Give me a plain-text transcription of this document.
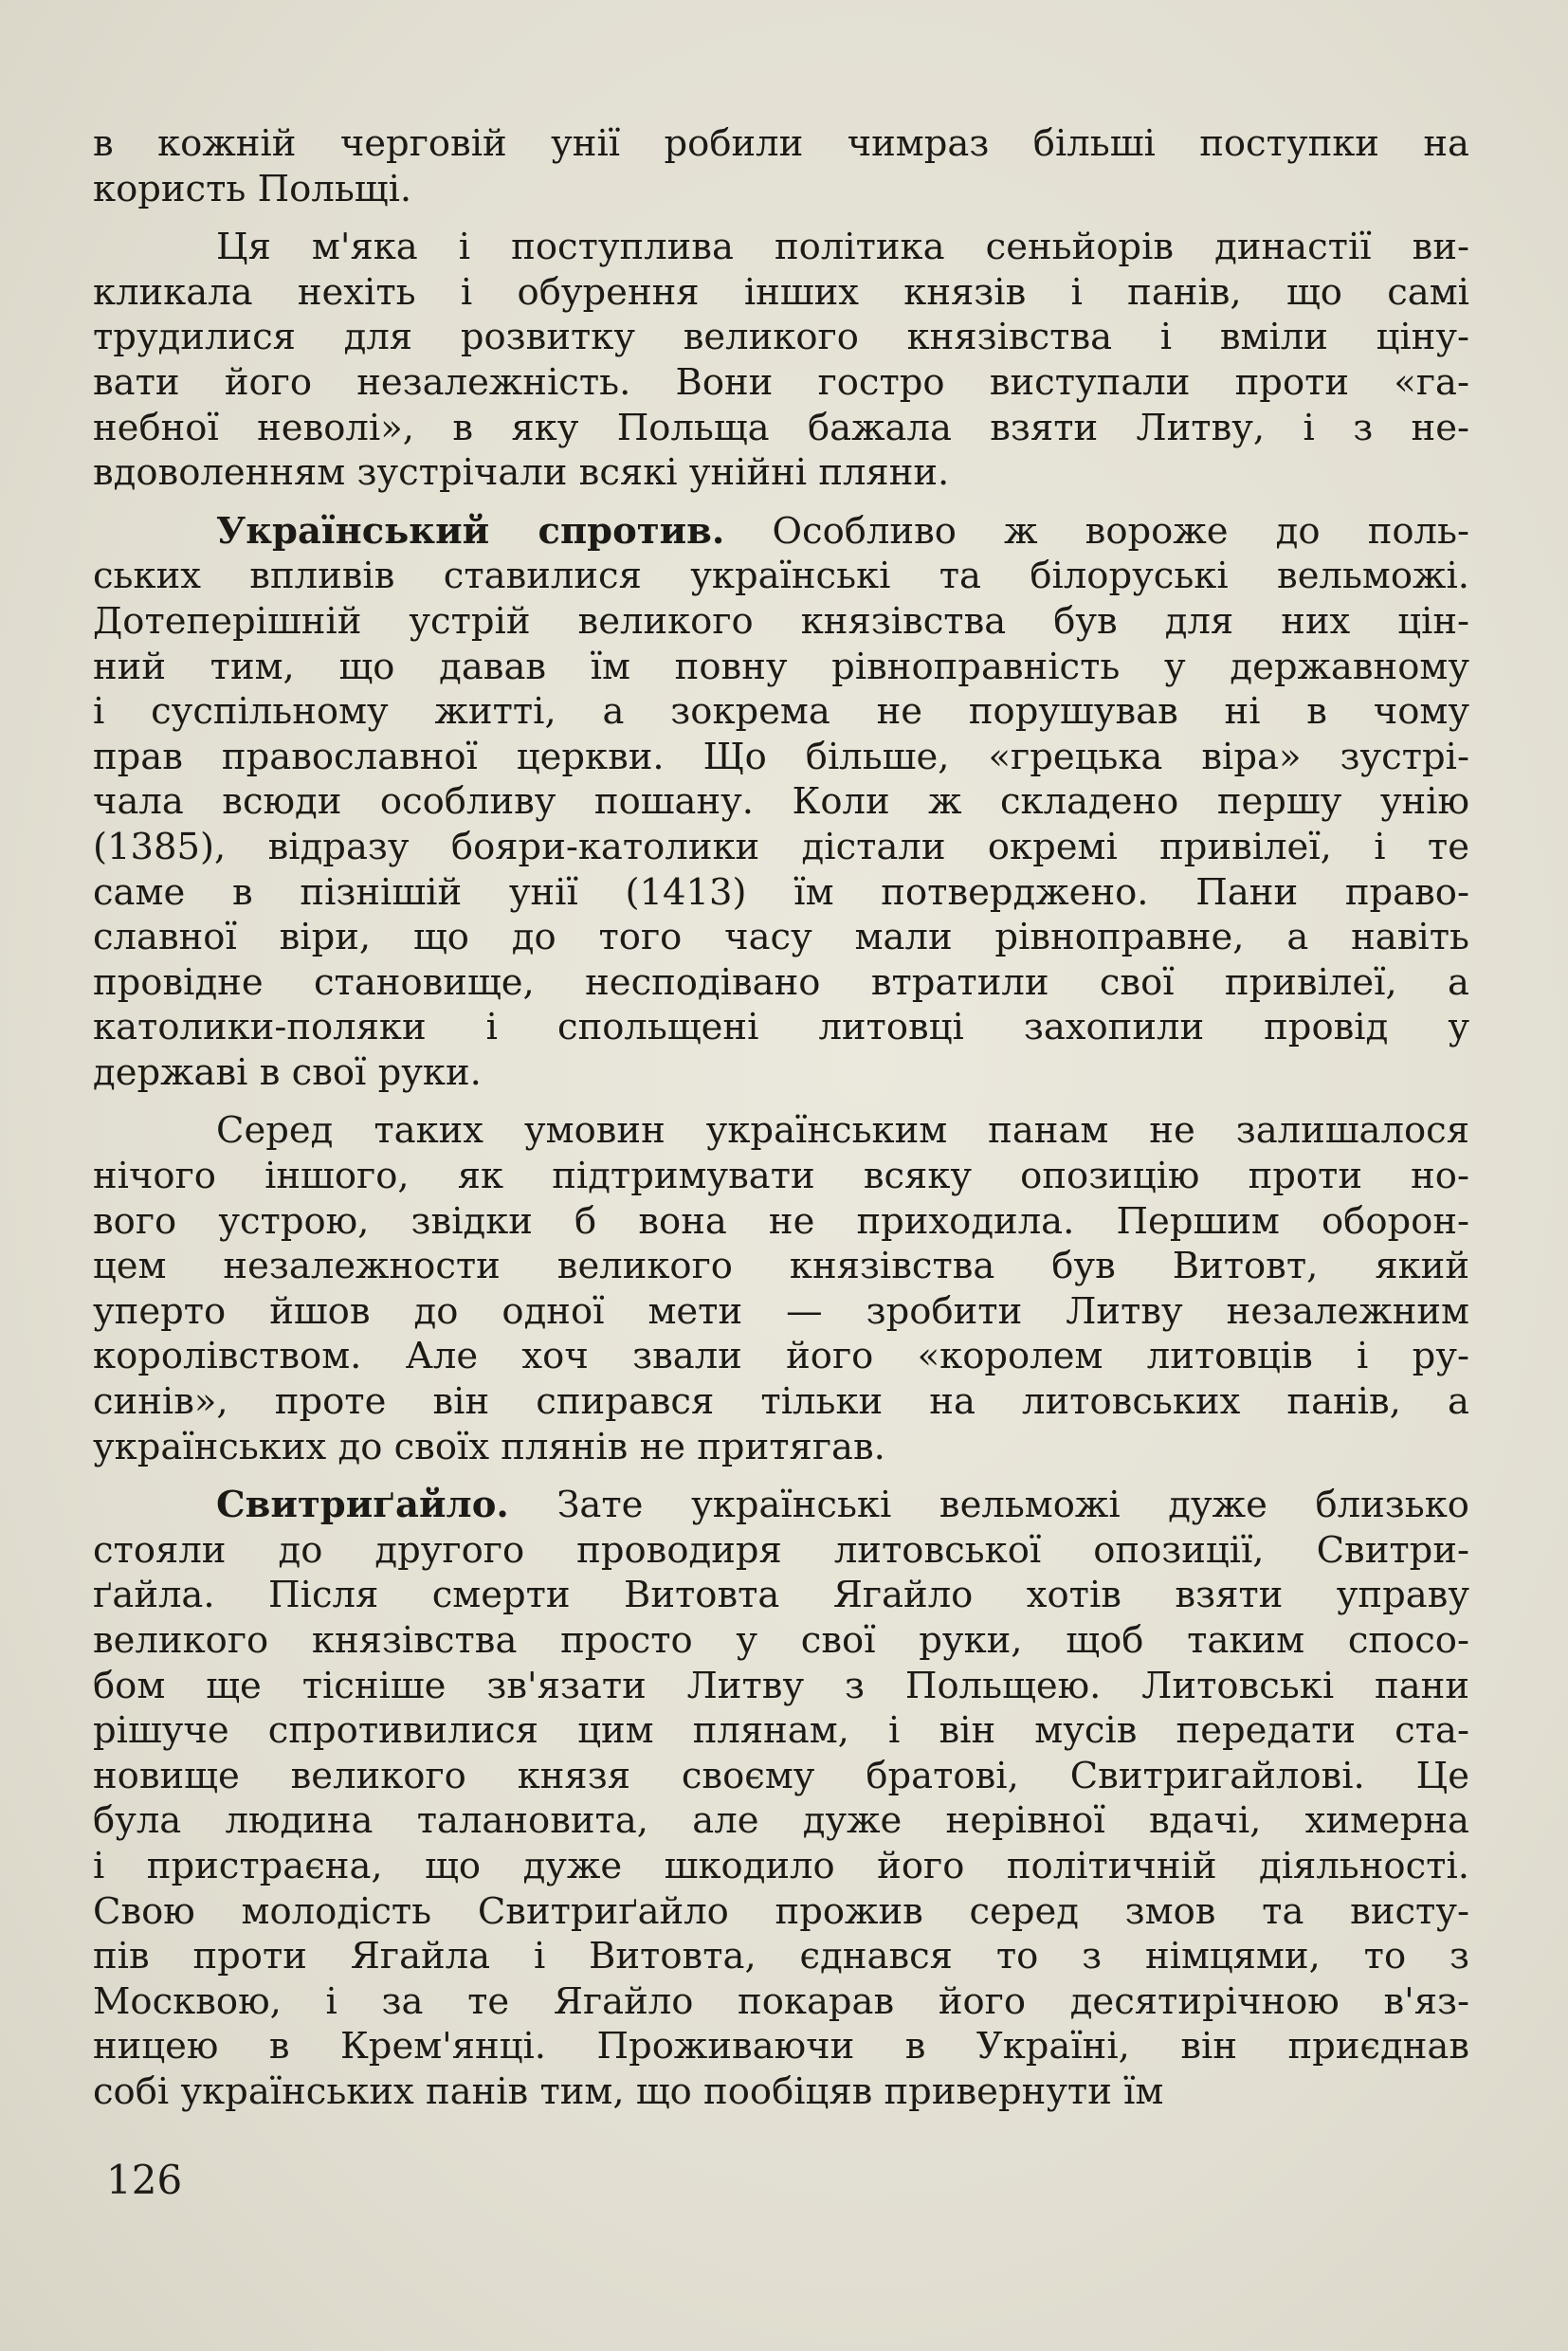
в кожній черговій унії робили чимраз більші поступки на
користь Польщі.
Ця м'яка і поступлива політика сеньйорів династії ви-
кликала нехіть і обурення інших князів і панів, що самі
трудилися для розвитку великого князівства і вміли ціну-
вати його незалежність. Вони гостро виступали проти «га-
небної неволі», в яку Польща бажала взяти Литву, і з не-
вдоволенням зустрічали всякі унійні пляни.
Український спротив. Особливо ж вороже до поль-
ських впливів ставилися українські та білоруські вельможі.
Дотеперішній устрій великого князівства був для них цін-
ний тим, що давав їм повну рівноправність у державному
і суспільному житті, а зокрема не порушував ні в чому
прав православної церкви. Що більше, «грецька віра» зустрі-
чала всюди особливу пошану. Коли ж складено першу унію
(1385), відразу бояри-католики дістали окремі привілеї, і те
саме в пізнішій унії (1413) їм потверджено. Пани право-
славної віри, що до того часу мали рівноправне, а навіть
провідне становище, несподівано втратили свої привілеї, а
католики-поляки і спольщені литовці захопили провід у
державі в свої руки.
Серед таких умовин українським панам не залишалося
нічого іншого, як підтримувати всяку опозицію проти но-
вого устрою, звідки б вона не приходила. Першим оборон-
цем незалежности великого князівства був Витовт, який
уперто йшов до одної мети — зробити Литву незалежним
королівством. Але хоч звали його «королем литовців і ру-
синів», проте він спирався тільки на литовських панів, а
українських до своїх плянів не притягав.
Свитриґайло. Зате українські вельможі дуже близько
стояли до другого проводиря литовської опозиції, Свитри-
ґайла. Після смерти Витовта Ягайло хотів взяти управу
великого князівства просто у свої руки, щоб таким спосо-
бом ще тісніше зв'язати Литву з Польщею. Литовські пани
рішуче спротивилися цим плянам, і він мусів передати ста-
новище великого князя своєму братові, Свитригайлові. Це
була людина талановита, але дуже нерівної вдачі, химерна
і пристраєна, що дуже шкодило його політичній діяльності.
Свою молодість Свитриґайло прожив серед змов та висту-
пів проти Ягайла і Витовта, єднався то з німцями, то з
Москвою, і за те Ягайло покарав його десятирічною в'яз-
ницею в Крем'янці. Проживаючи в Україні, він приєднав
собі українських панів тим, що пообіцяв привернути їм
126
